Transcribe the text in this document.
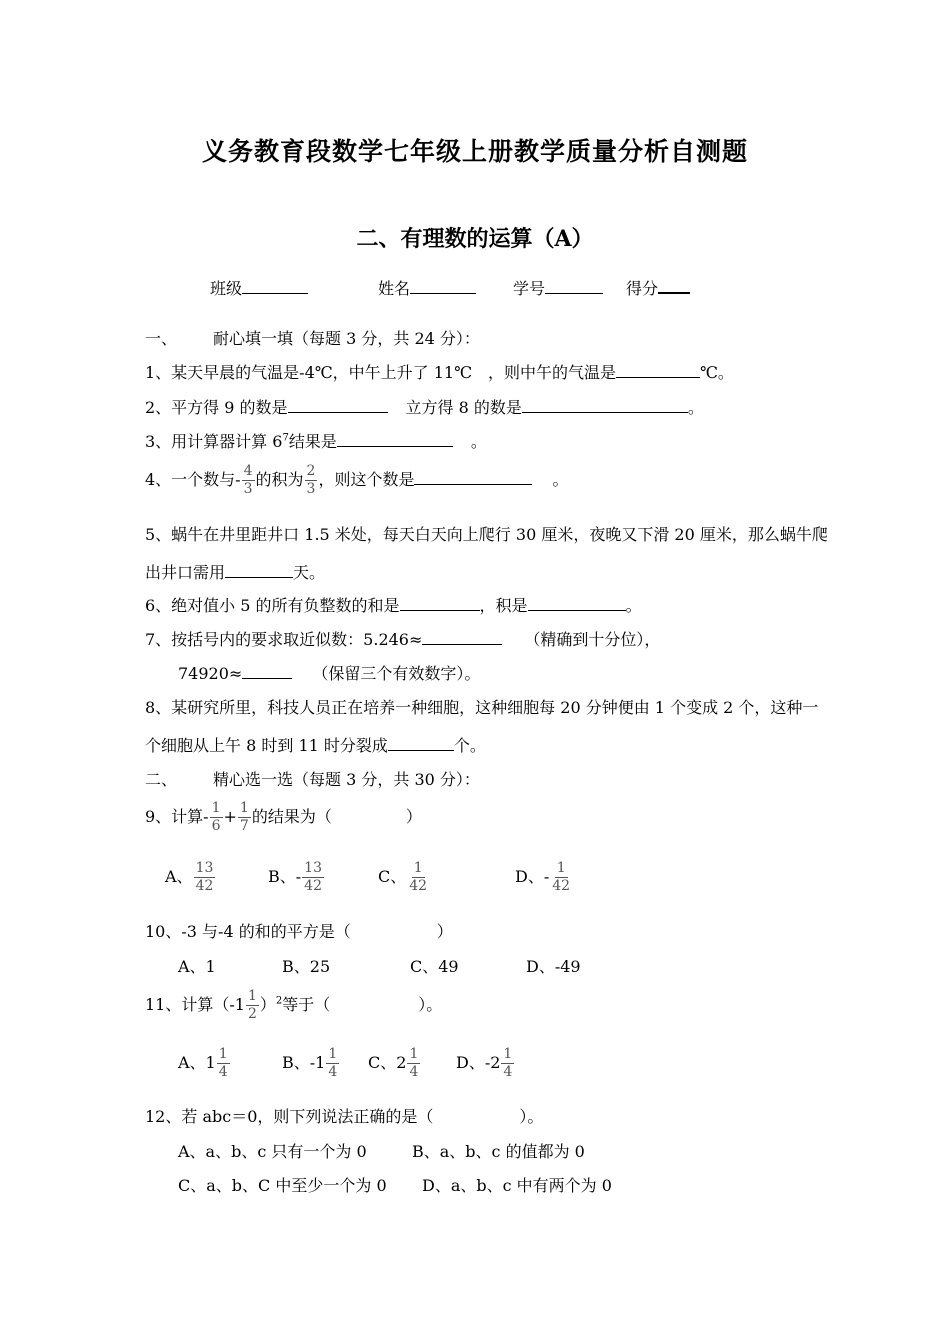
义务教育段数学七年级上册教学质量分析自测题
二、有理数的运算（A）
班级	姓名	学号	得分
一、 耐心填一填（每题 3 分，共 24 分）：
1、某天早晨的气温是-4℃，中午上升了 11℃　，则中午的气温是	℃。
2、平方得 9 的数是	立方得 8 的数是	。
3、用计算器计算 $6^7$结果是	。
4、一个数与- $\frac{4}{3}$ 的积为 $\frac{2}{3}$ ，则这个数是	。
5、蜗牛在井里距井口 1.5 米处，每天白天向上爬行 30 厘米，夜晚又下滑 20 厘米，那么蜗牛爬
出井口需用	天。
6、绝对值小 5 的所有负整数的和是	，积是	。
7、按括号内的要求取近似数：5.246≈	（精确到十分位），
74920≈	（保留三个有效数字）。
8、某研究所里，科技人员正在培养一种细胞，这种细胞每 20 分钟便由 1 个变成 2 个，这种一
个细胞从上午 8 时到 11 时分裂成	个。
二、 精心选一选（每题 3 分，共 30 分）：
9、计算- $\frac{1}{6} + \frac{1}{7}$ 的结果为（	）
A、 $\frac{13}{42}$	B、- $\frac{13}{42}$	C、 $\frac{1}{42}$	D、- $\frac{1}{42}$
10、-3 与-4 的和的平方是（	）
A、1	B、25	C、49	D、-49
11、计算$(-1 \frac{1}{2} )^2$等于（	）。
A、$1 \frac{1}{4}$	B、$-1 \frac{1}{4}$ C、$2 \frac{1}{4}$ D、$-2 \frac{1}{4}$
12、若 abc＝0，则下列说法正确的是（	）。
A、a、b、c 只有一个为 0	B、a、b、c 的值都为 0
C、a、b、C 中至少一个为 0 D、a、b、c 中有两个为 0
